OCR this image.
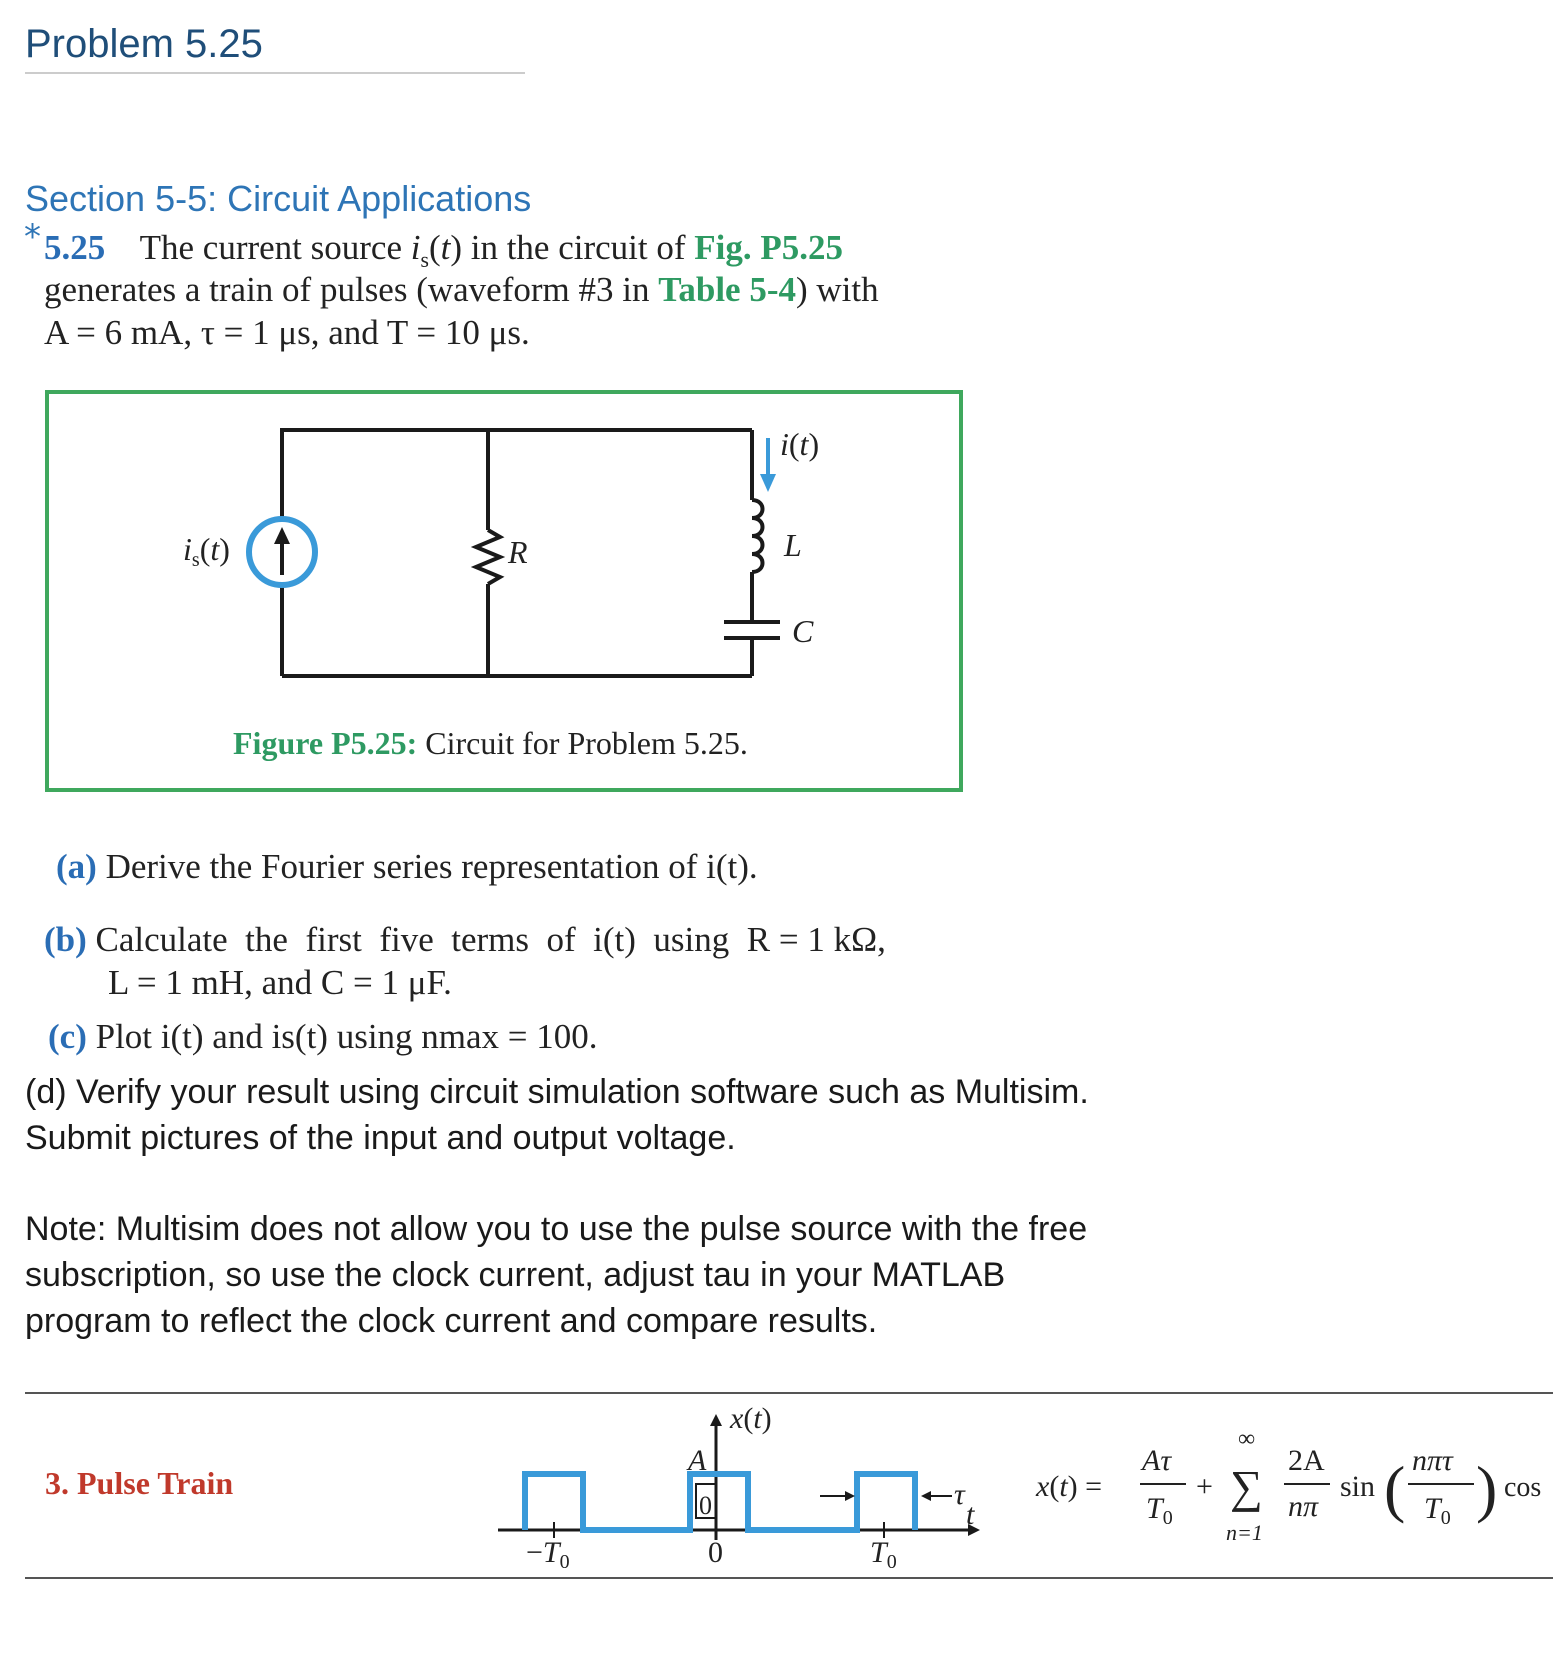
Problem 5.25
Section 5-5: Circuit Applications
* 5.25 The current source $i_s(t)$ in the circuit of Fig. P5.25
generates a train of pulses (waveform #3 in Table 5-4) with
A = 6 mA, τ = 1 μs, and T = 10 μs.
is(t)	R
i(t)
L
C
Figure P5.25: Circuit for Problem 5.25.
(a) Derive the Fourier series representation of i(t).
(b) Calculate  the  first  five  terms  of  i(t)  using  R = 1 kΩ,
L = 1 mH, and C = 1 μF.
(c) Plot i(t) and is(t) using nmax = 100.
(d) Verify your result using circuit simulation software such as Multisim.
Submit pictures of the input and output voltage.
Note: Multisim does not allow you to use the pulse source with the free
subscription, so use the clock current, adjust tau in your MATLAB
program to reflect the clock current and compare results.
3. Pulse Train
x(t)
A
0	τ
t
$-T_0$	0	$T_0$
x(t) =
Aτ
$T_0$
+
∞
∑
n=1
2A
nπ
sin ( nπτ
$T_0$ ) cos
